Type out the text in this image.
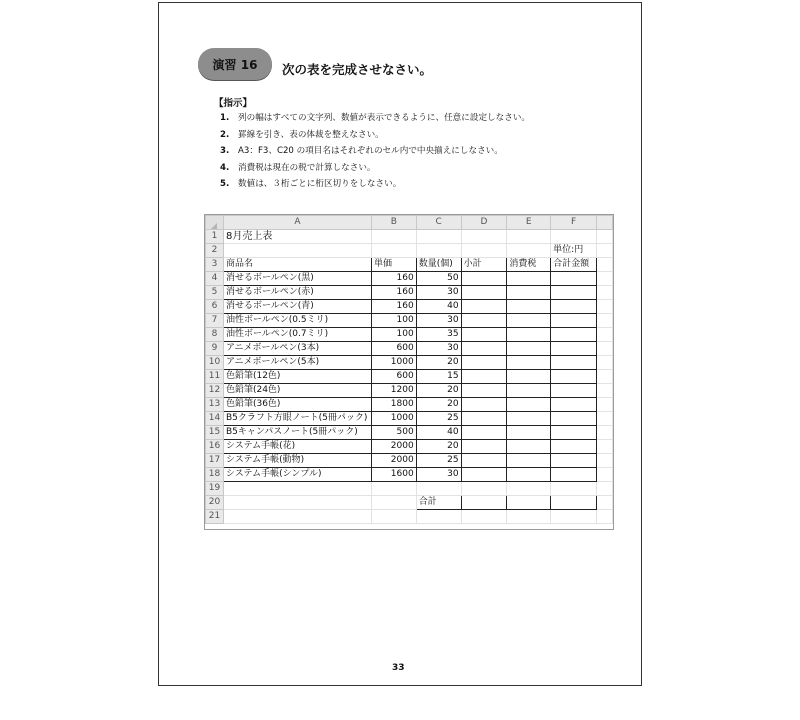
演習 16	次の表を完成させなさい。
【指示】
1. 列の幅はすべての文字列、数値が表示できるように、任意に設定しなさい。
2. 罫線を引き、表の体裁を整えなさい。
3. A3：F3、C20 の項目名はそれぞれのセル内で中央揃えにしなさい。
4. 消費税は現在の税で計算しなさい。
5. 数値は、３桁ごとに桁区切りをしなさい。
	A	B	C	D	E	F	
1	8月売上表						
2						単位:円	
3	商品名	単価	数量(個)	小計	消費税	合計金額	
4	消せるボールペン(黒)	160	50				
5	消せるボールペン(赤)	160	30				
6	消せるボールペン(青)	160	40				
7	油性ボールペン(0.5ミリ)	100	30				
8	油性ボールペン(0.7ミリ)	100	35				
9	アニメボールペン(3本)	600	30				
10	アニメボールペン(5本)	1000	20				
11	色鉛筆(12色)	600	15				
12	色鉛筆(24色)	1200	20				
13	色鉛筆(36色)	1800	20				
14	B5クラフト方眼ノート(5冊パック)	1000	25				
15	B5キャンパスノート(5冊パック)	500	40				
16	システム手帳(花)	2000	20				
17	システム手帳(動物)	2000	25				
18	システム手帳(シンプル)	1600	30				
19							
20			合計				
21							
33
